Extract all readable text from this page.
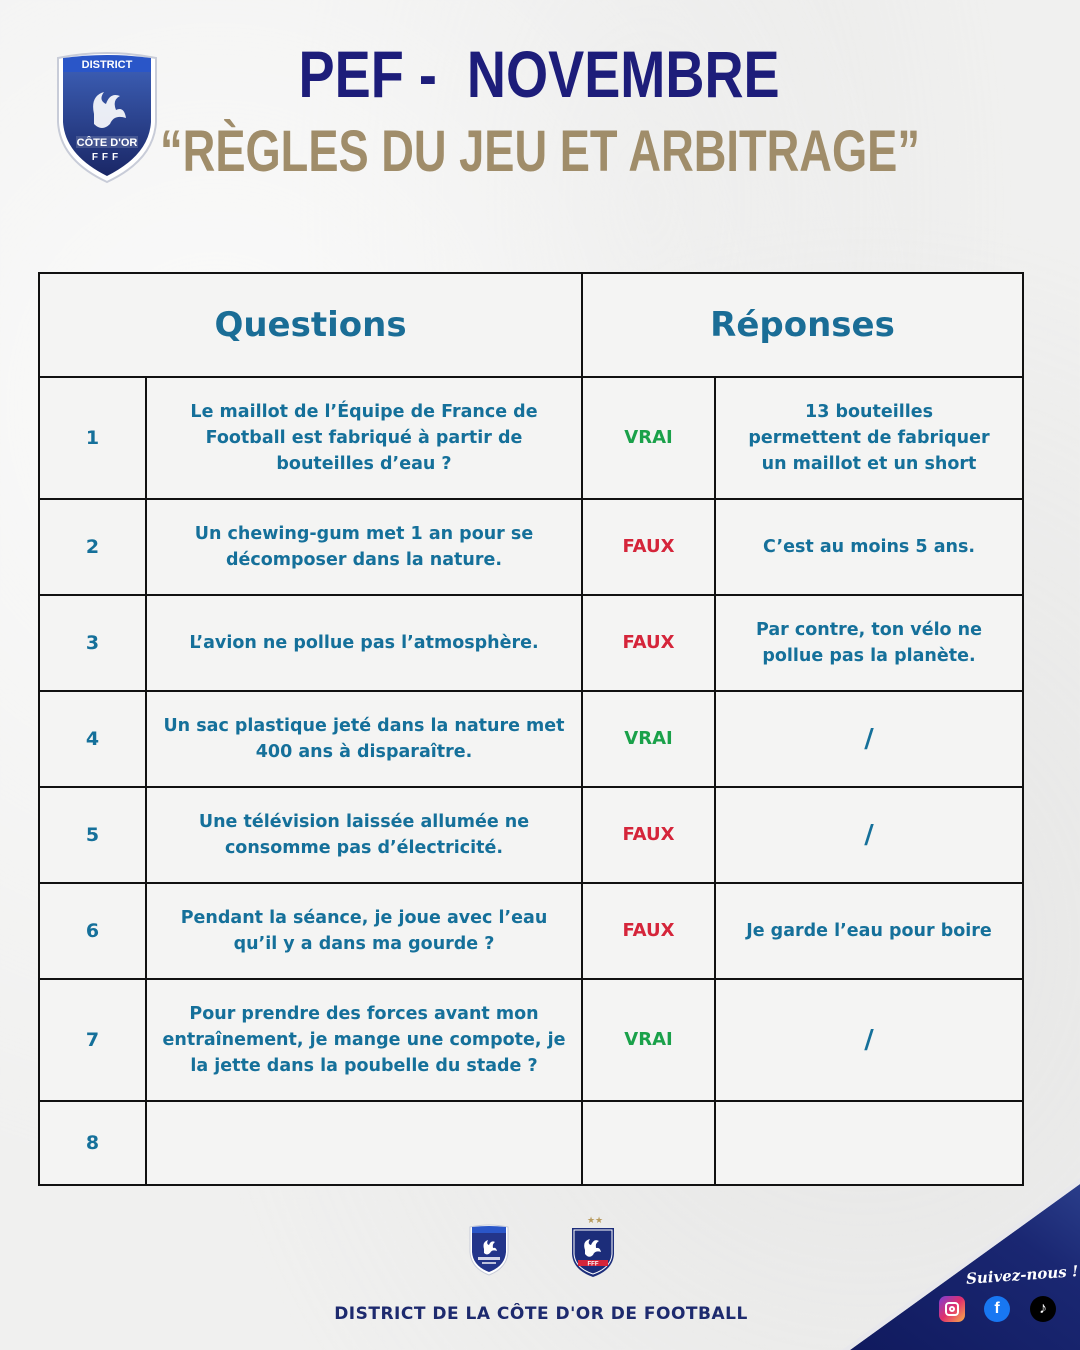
DISTRICT
CÔTE D'OR
FFF
PEF -  NOVEMBRE
“RÈGLES DU JEU ET ARBITRAGE”
Questions		Réponses	
1	Le maillot de l’Équipe de France de Football est fabriqué à partir de bouteilles d’eau ?	VRAI	13 bouteilles permettent de fabriquer un maillot et un short
2	Un chewing-gum met 1 an pour se décomposer dans la nature.	FAUX	C’est au moins 5 ans.
3	L’avion ne pollue pas l’atmosphère.	FAUX	Par contre, ton vélo ne pollue pas la planète.
4	Un sac plastique jeté dans la nature met 400 ans à disparaître.	VRAI	/
5	Une télévision laissée allumée ne consomme pas d’électricité.	FAUX	/
6	Pendant la séance, je joue avec l’eau qu’il y a dans ma gourde ?	FAUX	Je garde l’eau pour boire
7	Pour prendre des forces avant mon entraînement, je mange une compote, je la jette dans la poubelle du stade ?	VRAI	/
8			
★ ★
FFF
DISTRICT DE LA CÔTE D'OR DE FOOTBALL
Suivez-nous !
f	♪
